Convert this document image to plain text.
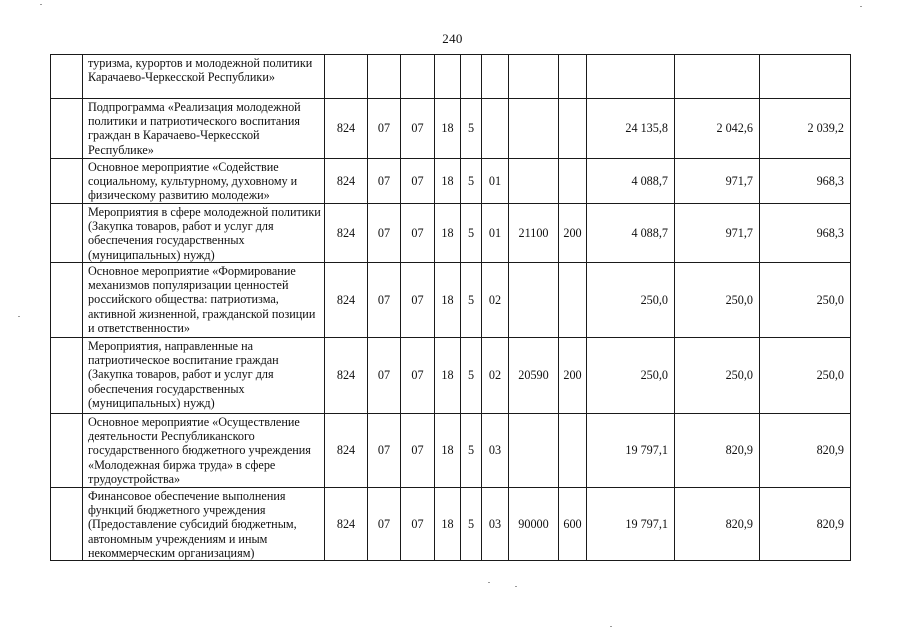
240
	туризма, курортов и молодежной политики Карачаево-Черкесской Республики»											
	Подпрограмма «Реализация молодежной политики и патриотического воспитания граждан в Карачаево-Черкесской Республике»	824	07	07	18	5				24 135,8	2 042,6	2 039,2
	Основное мероприятие «Содействие социальному, культурному, духовному и физическому развитию молодежи»	824	07	07	18	5	01			4 088,7	971,7	968,3
	Мероприятия в сфере молодежной политики (Закупка товаров, работ и услуг для обеспечения государственных (муниципальных) нужд)	824	07	07	18	5	01	21100	200	4 088,7	971,7	968,3
	Основное мероприятие «Формирование механизмов популяризации ценностей российского общества: патриотизма, активной жизненной, гражданской позиции и ответственности»	824	07	07	18	5	02			250,0	250,0	250,0
	Мероприятия, направленные на патриотическое воспитание граждан (Закупка товаров, работ и услуг для обеспечения государственных (муниципальных) нужд)	824	07	07	18	5	02	20590	200	250,0	250,0	250,0
	Основное мероприятие «Осуществление деятельности Республиканского государственного бюджетного учреждения «Молодежная биржа труда» в сфере трудоустройства»	824	07	07	18	5	03			19 797,1	820,9	820,9
	Финансовое обеспечение выполнения функций бюджетного учреждения (Предоставление субсидий бюджетным, автономным учреждениям и иным некоммерческим организациям)	824	07	07	18	5	03	90000	600	19 797,1	820,9	820,9
